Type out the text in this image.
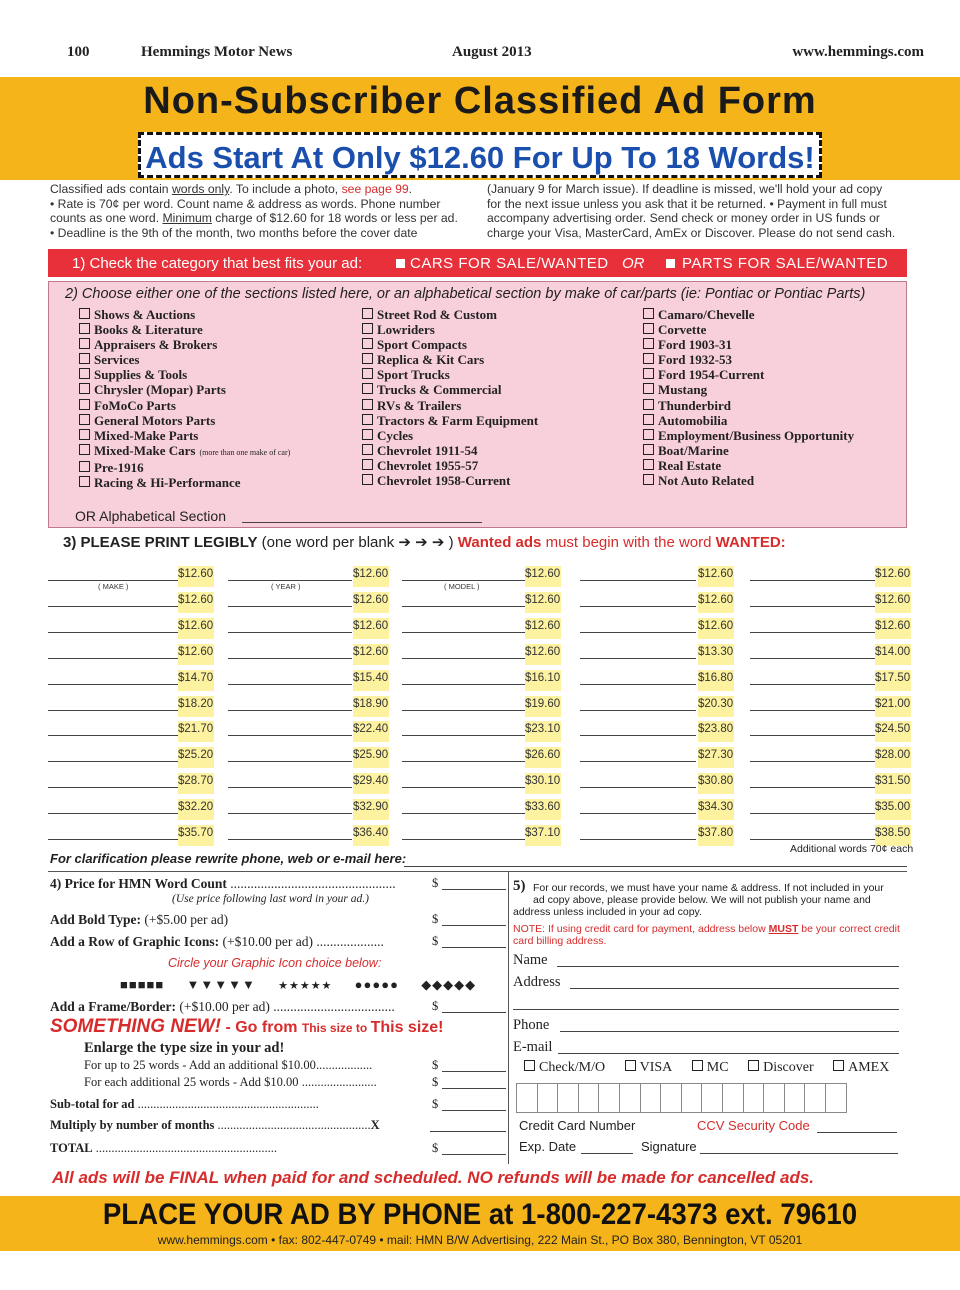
100	Hemmings Motor News	August 2013	www.hemmings.com
Non-Subscriber Classified Ad Form
Ads Start At Only $12.60 For Up To 18 Words!
Classified ads contain words only. To include a photo, see page 99.
• Rate is 70¢ per word. Count name & address as words. Phone number
counts as one word. Minimum charge of $12.60 for 18 words or less per ad.
• Deadline is the 9th of the month, two months before the cover date
(January 9 for March issue). If deadline is missed, we'll hold your ad copy
for the next issue unless you ask that it be returned. • Payment in full must
accompany advertising order. Send check or money order in US funds or
charge your Visa, MasterCard, AmEx or Discover. Please do not send cash.
1) Check the category that best fits your ad:	CARS FOR SALE/WANTED OR	PARTS FOR SALE/WANTED
2) Choose either one of the sections listed here, or an alphabetical section by make of car/parts (ie: Pontiac or Pontiac Parts)
Shows & Auctions
Books & Literature
Appraisers & Brokers
Services
Supplies & Tools
Chrysler (Mopar) Parts
FoMoCo Parts
General Motors Parts
Mixed-Make Parts
Mixed-Make Cars (more than one make of car)
Pre-1916
Racing & Hi-Performance
Street Rod & Custom
Lowriders
Sport Compacts
Replica & Kit Cars
Sport Trucks
Trucks & Commercial
RVs & Trailers
Tractors & Farm Equipment
Cycles
Chevrolet 1911-54
Chevrolet 1955-57
Chevrolet 1958-Current
Camaro/Chevelle
Corvette
Ford 1903-31
Ford 1932-53
Ford 1954-Current
Mustang
Thunderbird
Automobilia
Employment/Business Opportunity
Boat/Marine
Real Estate
Not Auto Related
OR Alphabetical Section
3) PLEASE PRINT LEGIBLY (one word per blank ➔ ➔ ➔ ) Wanted ads must begin with the word WANTED:
$12.60	$12.60	$12.60	$12.60	$12.60
$12.60	$12.60	$12.60	$12.60	$12.60
$12.60	$12.60	$12.60	$12.60	$12.60
$12.60	$12.60	$12.60	$13.30	$14.00
$14.70	$15.40	$16.10	$16.80	$17.50
$18.20	$18.90	$19.60	$20.30	$21.00
$21.70	$22.40	$23.10	$23.80	$24.50
$25.20	$25.90	$26.60	$27.30	$28.00
$28.70	$29.40	$30.10	$30.80	$31.50
$32.20	$32.90	$33.60	$34.30	$35.00
$35.70	$36.40	$37.10	$37.80	$38.50
( MAKE )	( YEAR )	( MODEL )
Additional words 70¢ each
For clarification please rewrite phone, web or e-mail here:
4) Price for HMN Word Count .................................................	$
(Use price following last word in your ad.)
Add Bold Type: (+$5.00 per ad)	$
Add a Row of Graphic Icons: (+$10.00 per ad) ....................	$
Circle your Graphic Icon choice below:
■■■■■ ▼▼▼▼▼ ★★★★★ ●●●●● ◆◆◆◆◆
Add a Frame/Border: (+$10.00 per ad) ....................................	$
SOMETHING NEW! - Go from This size to This size!
Enlarge the type size in your ad!
For up to 25 words - Add an additional $10.00..................	$
For each additional 25 words - Add $10.00 ........................	$
Sub-total for ad ..........................................................	$
Multiply by number of months .................................................X
TOTAL ..........................................................	$
5) For our records, we must have your name & address. If not included in your
ad copy above, please provide below. We will not publish your name and
address unless included in your ad copy.
NOTE: If using credit card for payment, address below MUST be your correct credit
card billing address.
Name
Address
Phone
E-mail
Check/M/O VISA MC Discover AMEX
Credit Card Number	CCV Security Code
Exp. Date	Signature
All ads will be FINAL when paid for and scheduled. NO refunds will be made for cancelled ads.
PLACE YOUR AD BY PHONE at 1-800-227-4373 ext. 79610
www.hemmings.com • fax: 802-447-0749 • mail: HMN B/W Advertising, 222 Main St., PO Box 380, Bennington, VT 05201
